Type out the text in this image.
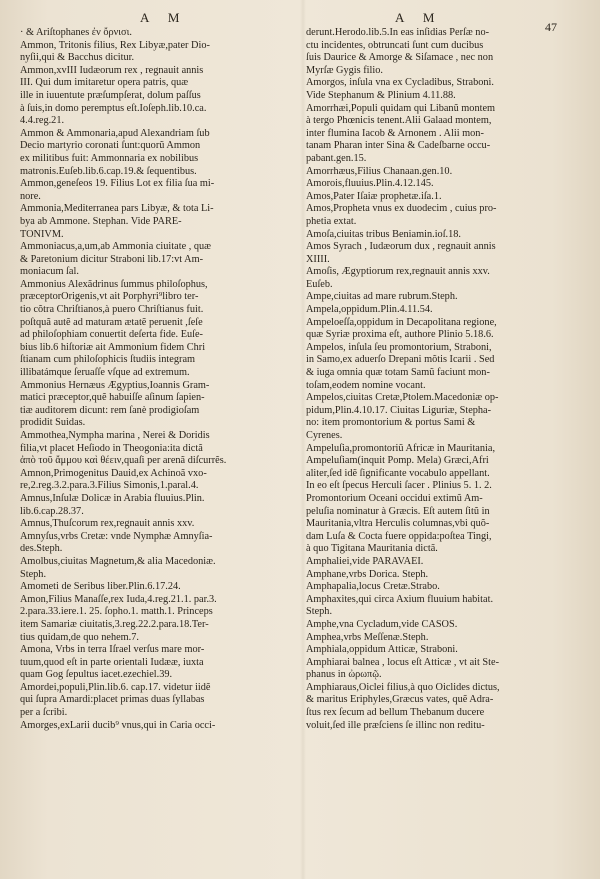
A M	A M
47
· & Ariſtophanes ἐν ὄρνισι.
Ammon, Tritonis filius, Rex Libyæ,pater Dio-
nyſii,qui & Bacchus dicitur.
Ammon,xvIII Iudæorum rex , regnauit annis
III. Qui dum imitaretur opera patris, quæ
ille in iuuentute præſumpſerat, dolum paſſus
à ſuis,in domo peremptus eſt.Ioſeph.lib.10.ca.
4.4.reg.21.
Ammon & Ammonaria,apud Alexandriam ſub
Decio martyrio coronati ſunt:quorũ Ammon
ex militibus fuit: Ammonnaria ex nobilibus
matronis.Euſeb.lib.6.cap.19.& ſequentibus.
Ammon,geneſeos 19. Filius Lot ex filia ſua mi-
nore.
Ammonia,Mediterranea pars Libyæ, & tota Li-
bya ab Ammone. Stephan. Vide PARE-
TONIVM.
Ammoniacus,a,um,ab Ammonia ciuitate , quæ
& Paretonium dicitur Straboni lib.17:vt Am-
moniacum ſal.
Ammonius Alexãdrinus ſummus philoſophus,
præceptorOrigenis,vt ait Porphyri⁹libro ter-
tio cõtra Chriſtianos,à puero Chriſtianus fuit.
poſtquã autẽ ad maturam ætatẽ peruenit ,ſeſe
ad philoſophiam conuertit deſerta fide. Euſe-
bius lib.6 hiſtoriæ ait Ammonium fidem Chri
ſtianam cum philoſophicis ſtudiis integram
illibatámque ſeruaſſe vſque ad extremum.
Ammonius Hernæus Ægyptius,Ioannis Gram-
matici præceptor,quẽ habuiſſe aſinum ſapien-
tiæ auditorem dicunt: rem ſanè prodigioſam
prodidit Suidas.
Ammothea,Nympha marina , Nerei & Doridis
filia,vt placet Heſiodo in Theogonia:ita dictã
ἀπὸ τοῦ ἄμμου καὶ θέειν,quaſi per arenã diſcurrẽs.
Amnon,Primogenitus Dauid,ex Achinoã vxo-
re,2.reg.3.2.para.3.Filius Simonis,1.paral.4.
Amnus,Inſulæ Dolicæ in Arabia fluuius.Plin.
lib.6.cap.28.37.
Amnus,Thuſcorum rex,regnauit annis xxv.
Amnyſus,vrbs Cretæ: vnde Nymphæ Amnyſia-
des.Steph.
Amolbus,ciuitas Magnetum,& alia Macedoniæ.
Steph.
Amometi de Seribus liber.Plin.6.17.24.
Amon,Filius Manaſſe,rex Iuda,4.reg.21.1. par.3.
2.para.33.iere.1. 25. ſopho.1. matth.1. Princeps
item Samariæ ciuitatis,3.reg.22.2.para.18.Ter-
tius quidam,de quo nehem.7.
Amona, Vrbs in terra Iſrael verſus mare mor-
tuum,quod eſt in parte orientali Iudææ, iuxta
quam Gog ſepultus iacet.ezechiel.39.
Amordei,populi,Plin.lib.6. cap.17. videtur iidẽ
qui ſupra Amardi:placet primas duas ſyllabas
per a ſcribi.
Amorges,exLarii ducib⁹ vnus,qui in Caria occi-
derunt.Herodo.lib.5.In eas inſidias Perſæ no-
ctu incidentes, obtruncati ſunt cum ducibus
ſuis Daurice & Amorge & Siſamace , nec non
Myrſæ Gygis filio.
Amorgos, inſula vna ex Cycladibus, Straboni.
Vide Stephanum & Plinium 4.11.88.
Amorrhæi,Populi quidam qui Libanũ montem
à tergo Phœnicis tenent.Alii Galaad montem,
inter flumina Iacob & Arnonem . Alii mon-
tanam Pharan inter Sina & Cadeſbarne occu-
pabant.gen.15.
Amorrhæus,Filius Chanaan.gen.10.
Amorois,fluuius.Plin.4.12.145.
Amos,Pater Iſaiæ prophetæ.iſa.1.
Amos,Propheta vnus ex duodecim , cuius pro-
phetia extat.
Amoſa,ciuitas tribus Beniamin.ioſ.18.
Amos Syrach , Iudæorum dux , regnauit annis
XIIII.
Amoſis, Ægyptiorum rex,regnauit annis xxv.
Euſeb.
Ampe,ciuitas ad mare rubrum.Steph.
Ampela,oppidum.Plin.4.11.54.
Ampeloeſſa,oppidum in Decapolitana regione,
quæ Syriæ proxima eſt, authore Plinio 5.18.6.
Ampelos, inſula ſeu promontorium, Straboni,
in Samo,ex aduerſo Drepani mõtis Icarii . Sed
& iuga omnia quæ totam Samũ faciunt mon-
toſam,eodem nomine vocant.
Ampelos,ciuitas Cretæ,Ptolem.Macedoniæ op-
pidum,Plin.4.10.17. Ciuitas Liguriæ, Stepha-
no: item promontorium & portus Sami &
Cyrenes.
Ampeluſia,promontoriũ Africæ in Mauritania,
Ampeluſiam(inquit Pomp. Mela) Græci,Afri
aliter,ſed idẽ ſignificante vocabulo appellant.
In eo eſt ſpecus Herculi ſacer . Plinius 5. 1. 2.
Promontorium Oceani occidui extimũ Am-
peluſia nominatur à Græcis. Eſt autem ſitũ in
Mauritania,vltra Herculis columnas,vbi quõ-
dam Luſa & Cocta fuere oppida:poſtea Tingi,
à quo Tigitana Mauritania dictã.
Amphaliei,vide PARAVAEI.
Amphane,vrbs Dorica. Steph.
Amphapalia,locus Cretæ.Strabo.
Amphaxites,qui circa Axium fluuium habitat.
Steph.
Amphe,vna Cycladum,vide CASOS.
Amphea,vrbs Meſſenæ.Steph.
Amphiala,oppidum Atticæ, Straboni.
Amphiarai balnea , locus eſt Atticæ , vt ait Ste-
phanus in ὠρωπῷ.
Amphiaraus,Oiclei filius,à quo Oiclides dictus,
& maritus Eriphyles,Græcus vates, quẽ Adra-
ſtus rex ſecum ad bellum Thebanum ducere
voluit,ſed ille præſciens ſe illinc non reditu-
